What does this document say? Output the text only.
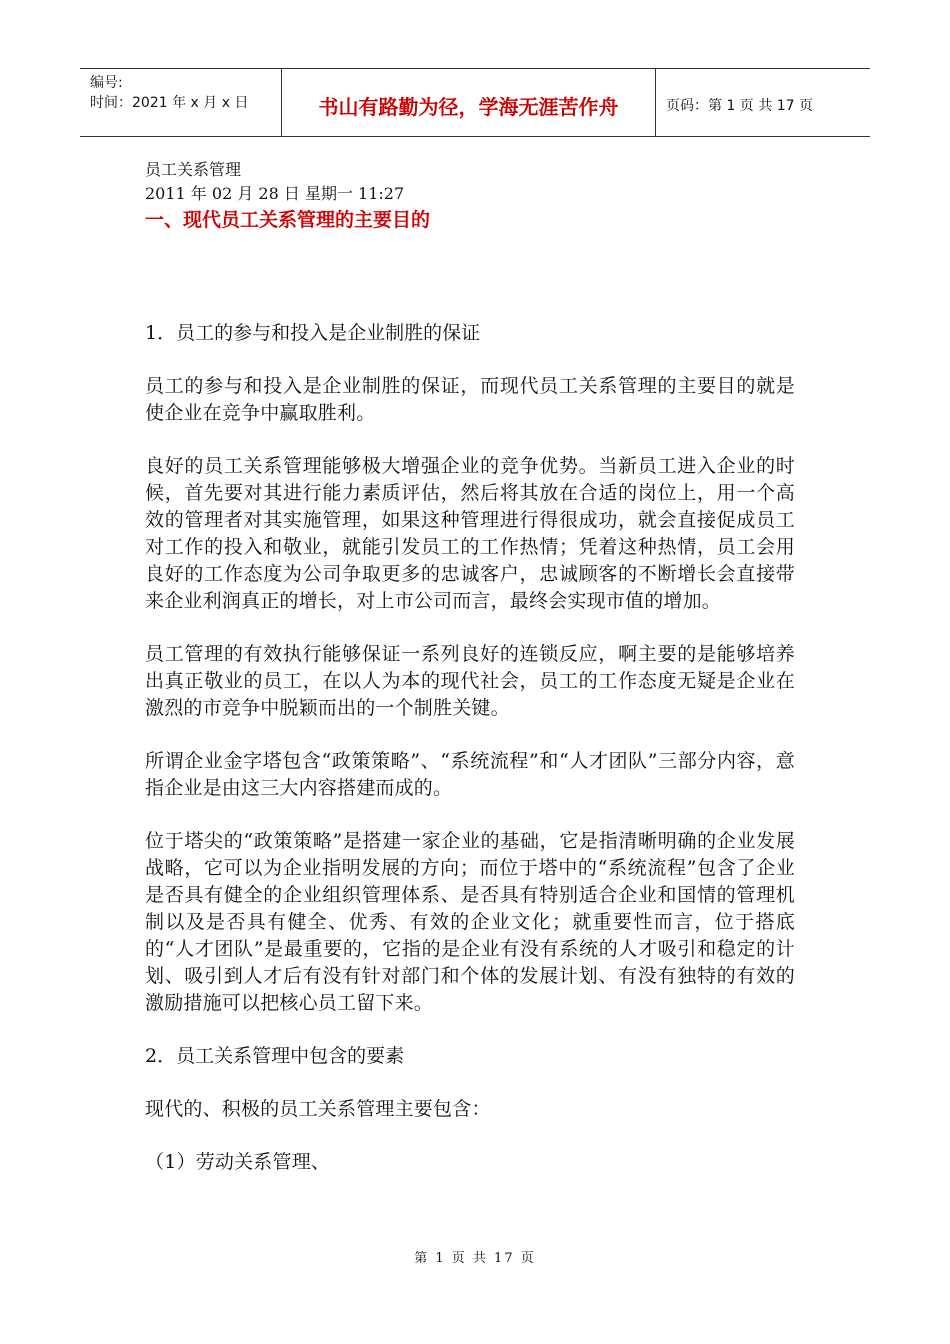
编号:
时间：2021 年 x 月 x 日	书山有路勤为径，学海无涯苦作舟	页码：第 1 页 共 17 页
员工关系管理
2011 年 02 月 28 日 星期一 11:27
一、现代员工关系管理的主要目的
1．员工的参与和投入是企业制胜的保证

员工的参与和投入是企业制胜的保证，而现代员工关系管理的主要目的就是使企业在竞争中赢取胜利。

良好的员工关系管理能够极大增强企业的竞争优势。当新员工进入企业的时候，首先要对其进行能力素质评估，然后将其放在合适的岗位上，用一个高效的管理者对其实施管理，如果这种管理进行得很成功，就会直接促成员工对工作的投入和敬业，就能引发员工的工作热情；凭着这种热情，员工会用良好的工作态度为公司争取更多的忠诚客户，忠诚顾客的不断增长会直接带来企业利润真正的增长，对上市公司而言，最终会实现市值的增加。

员工管理的有效执行能够保证一系列良好的连锁反应，啊主要的是能够培养出真正敬业的员工，在以人为本的现代社会，员工的工作态度无疑是企业在激烈的市竞争中脱颖而出的一个制胜关键。

所谓企业金字塔包含“政策策略”、“系统流程”和“人才团队”三部分内容，意指企业是由这三大内容搭建而成的。

位于塔尖的“政策策略”是搭建一家企业的基础，它是指清晰明确的企业发展战略，它可以为企业指明发展的方向；而位于塔中的“系统流程”包含了企业是否具有健全的企业组织管理体系、是否具有特别适合企业和国情的管理机制以及是否具有健全、优秀、有效的企业文化；就重要性而言，位于搭底的“人才团队”是最重要的，它指的是企业有没有系统的人才吸引和稳定的计划、吸引到人才后有没有针对部门和个体的发展计划、有没有独特的有效的激励措施可以把核心员工留下来。

2．员工关系管理中包含的要素

现代的、积极的员工关系管理主要包含：

（1）劳动关系管理、

第 1 页 共 17 页
